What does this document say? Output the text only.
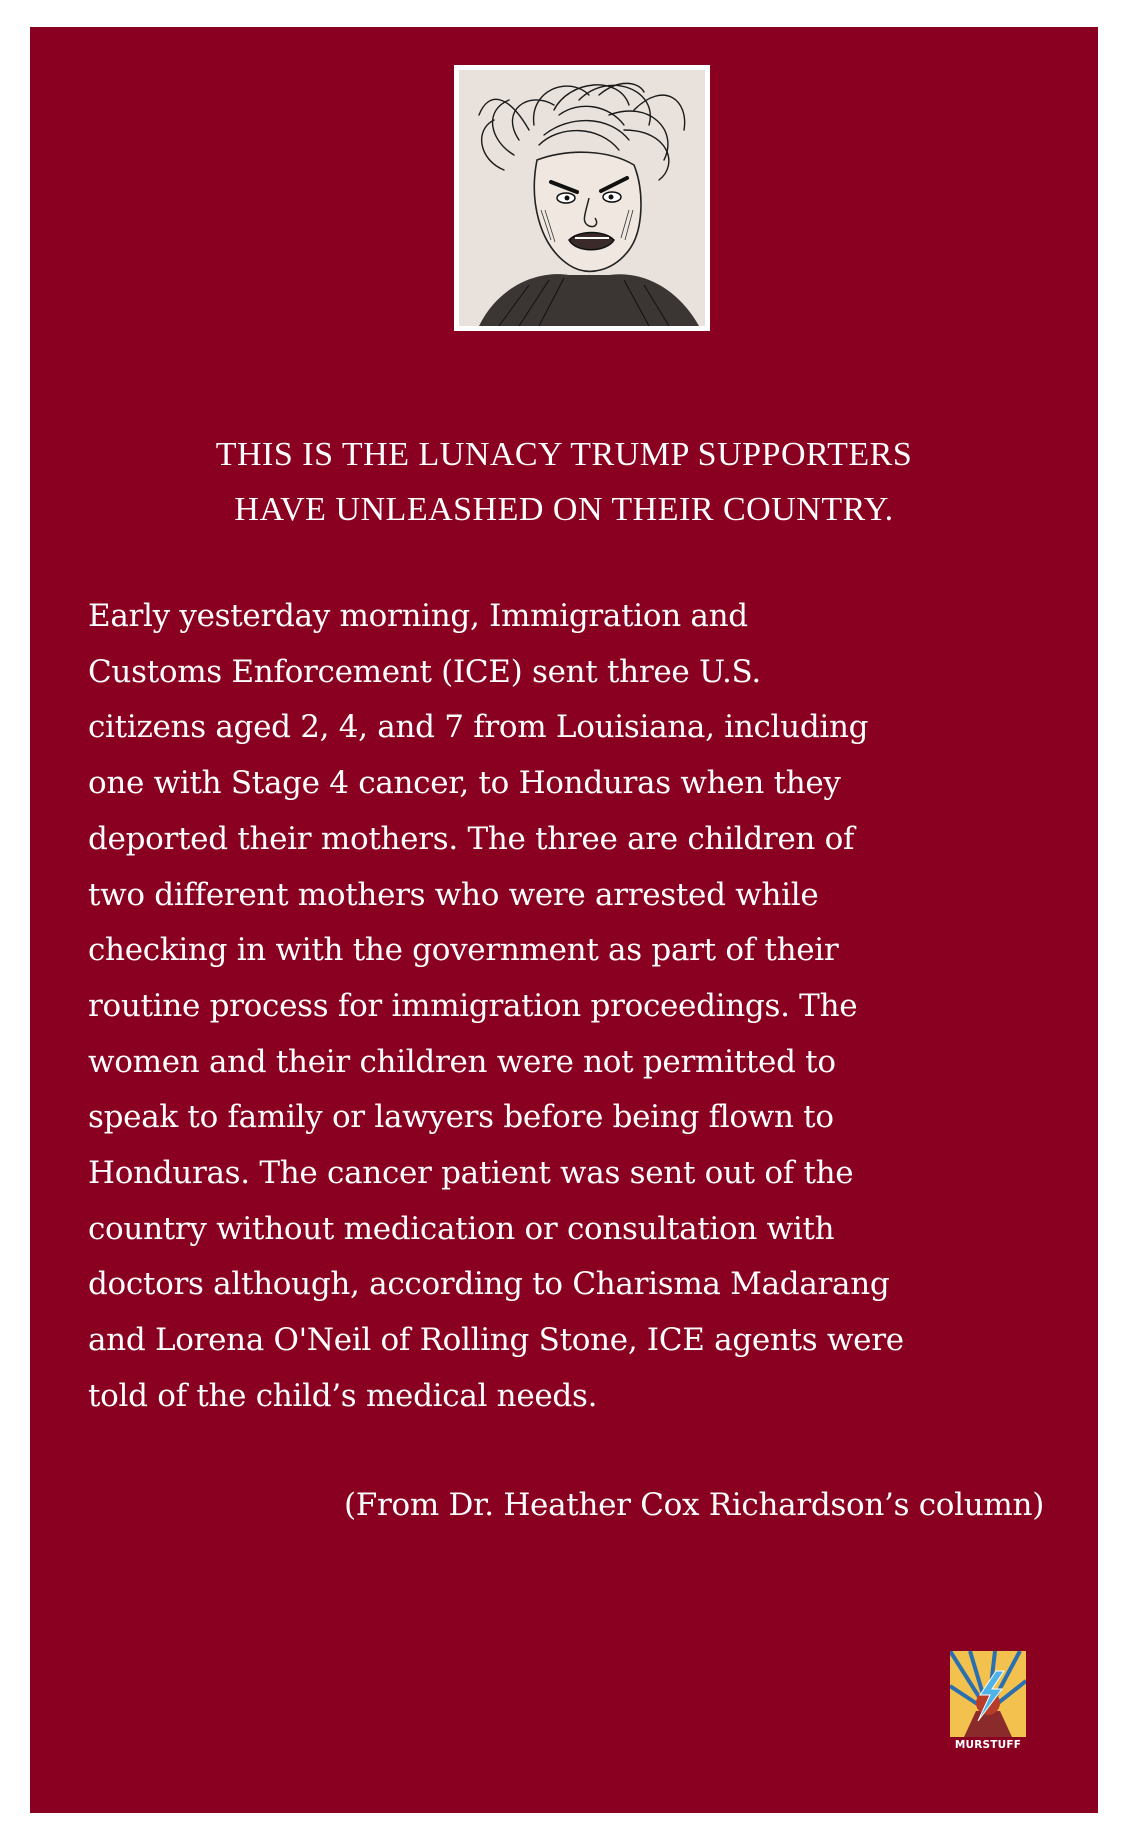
THIS IS THE LUNACY TRUMP SUPPORTERS
HAVE UNLEASHED ON THEIR COUNTRY.
Early yesterday morning, Immigration and
Customs Enforcement (ICE) sent three U.S.
citizens aged 2, 4, and 7 from Louisiana, including
one with Stage 4 cancer, to Honduras when they
deported their mothers. The three are children of
two different mothers who were arrested while
checking in with the government as part of their
routine process for immigration proceedings. The
women and their children were not permitted to
speak to family or lawyers before being flown to
Honduras. The cancer patient was sent out of the
country without medication or consultation with
doctors although, according to Charisma Madarang
and Lorena O'Neil of Rolling Stone, ICE agents were
told of the child’s medical needs.
(From Dr. Heather Cox Richardson’s column)
MURSTUFF
